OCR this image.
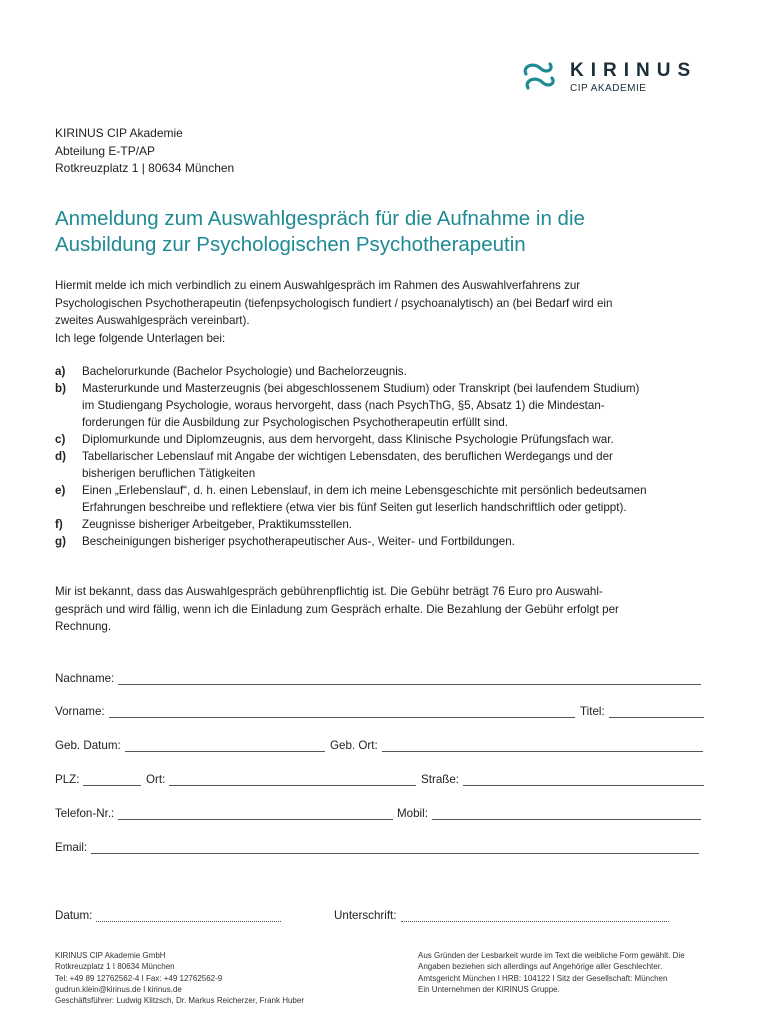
KIRINUS
CIP AKADEMIE
KIRINUS CIP Akademie
Abteilung E-TP/AP
Rotkreuzplatz 1 | 80634 München
Anmeldung zum Auswahlgespräch für die Aufnahme in die
Ausbildung zur Psychologischen Psychotherapeutin
Hiermit melde ich mich verbindlich zu einem Auswahlgespräch im Rahmen des Auswahlverfahrens zur
Psychologischen Psychotherapeutin (tiefenpsychologisch fundiert / psychoanalytisch) an (bei Bedarf wird ein
zweites Auswahlgespräch vereinbart).
Ich lege folgende Unterlagen bei:
a) Bachelorurkunde (Bachelor Psychologie) und Bachelorzeugnis.
b) Masterurkunde und Masterzeugnis (bei abgeschlossenem Studium) oder Transkript (bei laufendem Studium)
im Studiengang Psychologie, woraus hervorgeht, dass (nach PsychThG, §5, Absatz 1) die Mindestan-
forderungen für die Ausbildung zur Psychologischen Psychotherapeutin erfüllt sind.
c) Diplomurkunde und Diplomzeugnis, aus dem hervorgeht, dass Klinische Psychologie Prüfungsfach war.
d) Tabellarischer Lebenslauf mit Angabe der wichtigen Lebensdaten, des beruflichen Werdegangs und der
bisherigen beruflichen Tätigkeiten
e) Einen „Erlebenslauf“, d. h. einen Lebenslauf, in dem ich meine Lebensgeschichte mit persönlich bedeutsamen
Erfahrungen beschreibe und reflektiere (etwa vier bis fünf Seiten gut leserlich handschriftlich oder getippt).
f) Zeugnisse bisheriger Arbeitgeber, Praktikumsstellen.
g) Bescheinigungen bisheriger psychotherapeutischer Aus-, Weiter- und Fortbildungen.
Mir ist bekannt, dass das Auswahlgespräch gebührenpflichtig ist. Die Gebühr beträgt 76 Euro pro Auswahl-
gespräch und wird fällig, wenn ich die Einladung zum Gespräch erhalte. Die Bezahlung der Gebühr erfolgt per
Rechnung.
Nachname:
Vorname:	Titel:
Geb. Datum:	Geb. Ort:
PLZ:	Ort:	Straße:
Telefon-Nr.:	Mobil:
Email:
Datum:	Unterschrift:
KIRINUS CIP Akademie GmbH
Rotkreuzplatz 1 I 80634 München
Tel: +49 89 12762562-4 I Fax: +49 12762562-9
gudrun.klein@kirinus.de I kirinus.de
Geschäftsführer: Ludwig Klitzsch, Dr. Markus Reicherzer, Frank Huber
Aus Gründen der Lesbarkeit wurde im Text die weibliche Form gewählt. Die
Angaben beziehen sich allerdings auf Angehörige aller Geschlechter.
Amtsgericht München I HRB: 104122 I Sitz der Gesellschaft: München
Ein Unternehmen der KIRINUS Gruppe.
